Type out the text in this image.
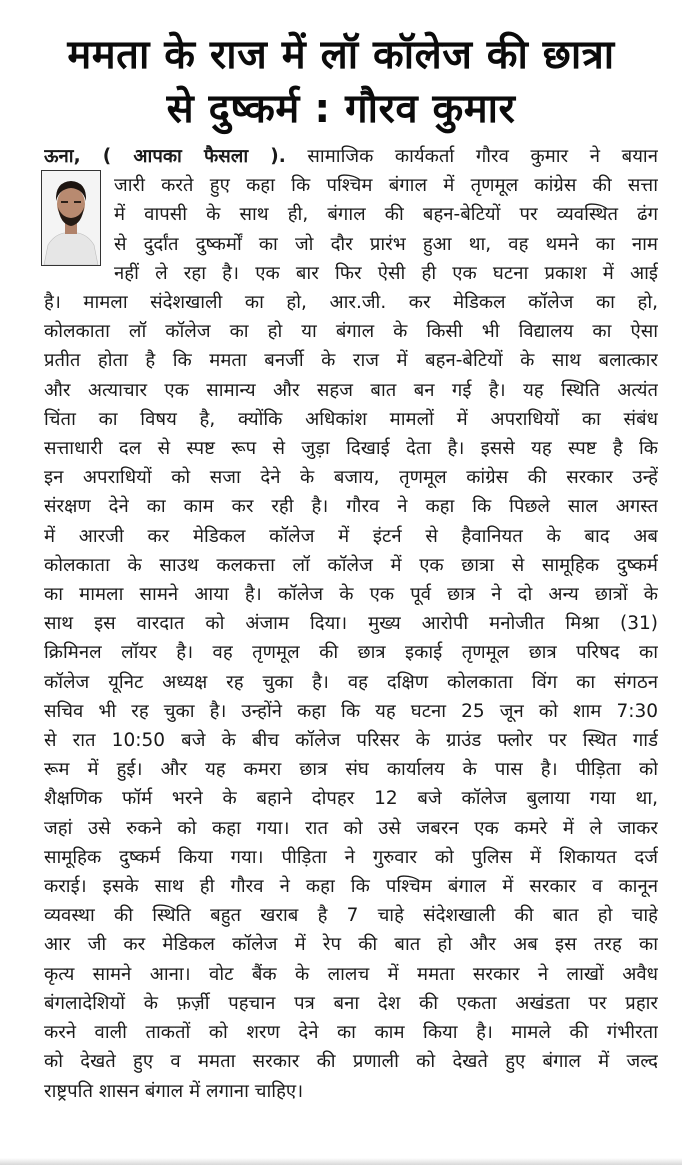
ममता के राज में लॉ कॉलेज की छात्रा
से दुष्कर्म : गौरव कुमार
ऊना, ( आपका फैसला ). सामाजिक कार्यकर्ता गौरव कुमार ने बयान
जारी करते हुए कहा कि पश्चिम बंगाल में तृणमूल कांग्रेस की सत्ता
में वापसी के साथ ही, बंगाल की बहन-बेटियों पर व्यवस्थित ढंग
से दुर्दांत दुष्कर्मों का जो दौर प्रारंभ हुआ था, वह थमने का नाम
नहीं ले रहा है। एक बार फिर ऐसी ही एक घटना प्रकाश में आई
है। मामला संदेशखाली का हो, आर.जी. कर मेडिकल कॉलेज का हो,
कोलकाता लॉ कॉलेज का हो या बंगाल के किसी भी विद्यालय का ऐसा
प्रतीत होता है कि ममता बनर्जी के राज में बहन-बेटियों के साथ बलात्कार
और अत्याचार एक सामान्य और सहज बात बन गई है। यह स्थिति अत्यंत
चिंता का विषय है, क्योंकि अधिकांश मामलों में अपराधियों का संबंध
सत्ताधारी दल से स्पष्ट रूप से जुड़ा दिखाई देता है। इससे यह स्पष्ट है कि
इन अपराधियों को सजा देने के बजाय, तृणमूल कांग्रेस की सरकार उन्हें
संरक्षण देने का काम कर रही है। गौरव ने कहा कि पिछले साल अगस्त
में आरजी कर मेडिकल कॉलेज में इंटर्न से हैवानियत के बाद अब
कोलकाता के साउथ कलकत्ता लॉ कॉलेज में एक छात्रा से सामूहिक दुष्कर्म
का मामला सामने आया है। कॉलेज के एक पूर्व छात्र ने दो अन्य छात्रों के
साथ इस वारदात को अंजाम दिया। मुख्य आरोपी मनोजीत मिश्रा (31)
क्रिमिनल लॉयर है। वह तृणमूल की छात्र इकाई तृणमूल छात्र परिषद का
कॉलेज यूनिट अध्यक्ष रह चुका है। वह दक्षिण कोलकाता विंग का संगठन
सचिव भी रह चुका है। उन्होंने कहा कि यह घटना 25 जून को शाम 7:30
से रात 10:50 बजे के बीच कॉलेज परिसर के ग्राउंड फ्लोर पर स्थित गार्ड
रूम में हुई। और यह कमरा छात्र संघ कार्यालय के पास है। पीड़िता को
शैक्षणिक फॉर्म भरने के बहाने दोपहर 12 बजे कॉलेज बुलाया गया था,
जहां उसे रुकने को कहा गया। रात को उसे जबरन एक कमरे में ले जाकर
सामूहिक दुष्कर्म किया गया। पीड़िता ने गुरुवार को पुलिस में शिकायत दर्ज
कराई। इसके साथ ही गौरव ने कहा कि पश्चिम बंगाल में सरकार व कानून
व्यवस्था की स्थिति बहुत खराब है 7 चाहे संदेशखाली की बात हो चाहे
आर जी कर मेडिकल कॉलेज में रेप की बात हो और अब इस तरह का
कृत्य सामने आना। वोट बैंक के लालच में ममता सरकार ने लाखों अवैध
बंगलादेशियों के फ़र्ज़ी पहचान पत्र बना देश की एकता अखंडता पर प्रहार
करने वाली ताकतों को शरण देने का काम किया है। मामले की गंभीरता
को देखते हुए व ममता सरकार की प्रणाली को देखते हुए बंगाल में जल्द
राष्ट्रपति शासन बंगाल में लगाना चाहिए।
